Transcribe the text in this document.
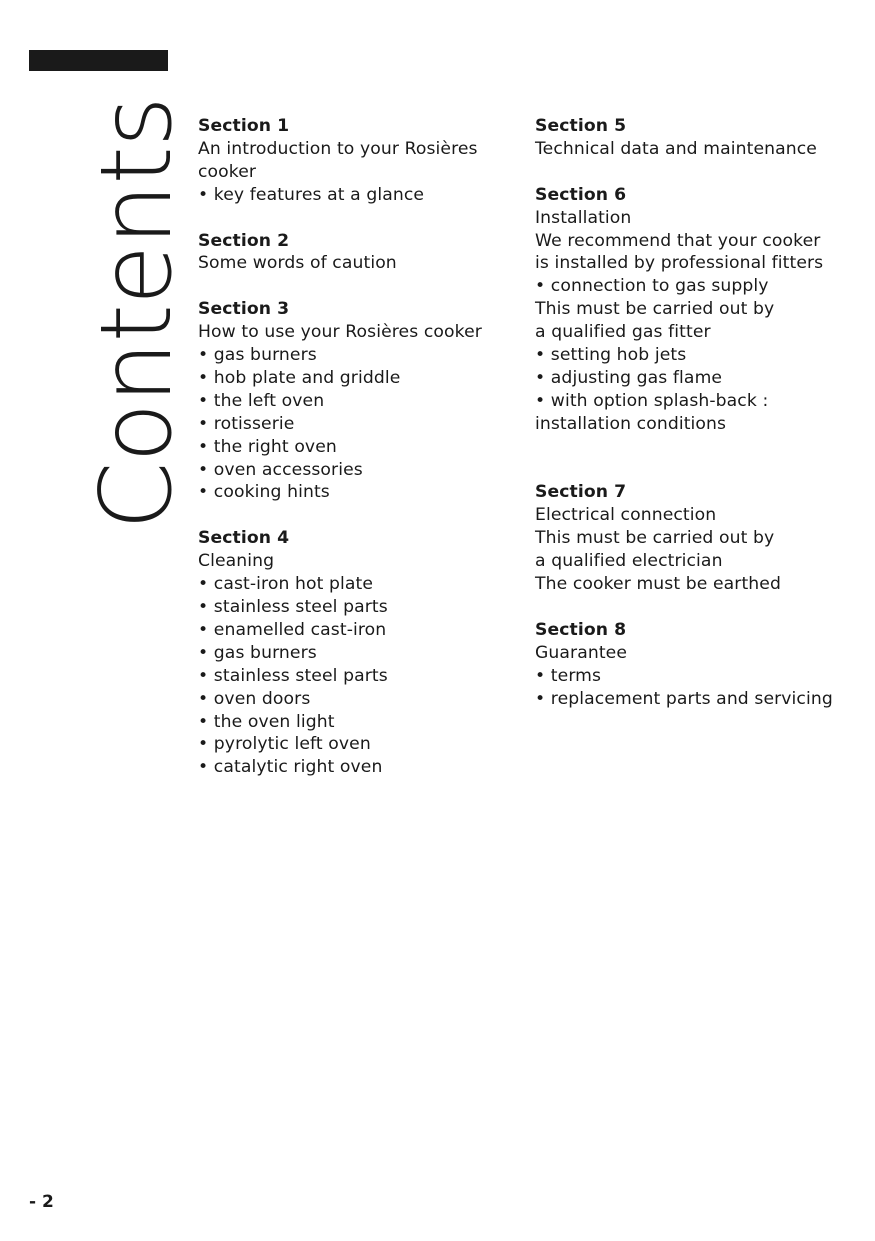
Contents Section 1
An introduction to your Rosières
cooker
• key features at a glance
Section 2
Some words of caution
Section 3
How to use your Rosières cooker
• gas burners
• hob plate and griddle
• the left oven
• rotisserie
• the right oven
• oven accessories
• cooking hints
Section 4
Cleaning
• cast-iron hot plate
• stainless steel parts
• enamelled cast-iron
• gas burners
• stainless steel parts
• oven doors
• the oven light
• pyrolytic left oven
• catalytic right oven
Section 5
Technical data and maintenance
Section 6
Installation
We recommend that your cooker
is installed by professional fitters
• connection to gas supply
This must be carried out by
a qualified gas fitter
• setting hob jets
• adjusting gas flame
• with option splash-back :
installation conditions
Section 7
Electrical connection
This must be carried out by
a qualified electrician
The cooker must be earthed
Section 8
Guarantee
• terms
• replacement parts and servicing
- 2
